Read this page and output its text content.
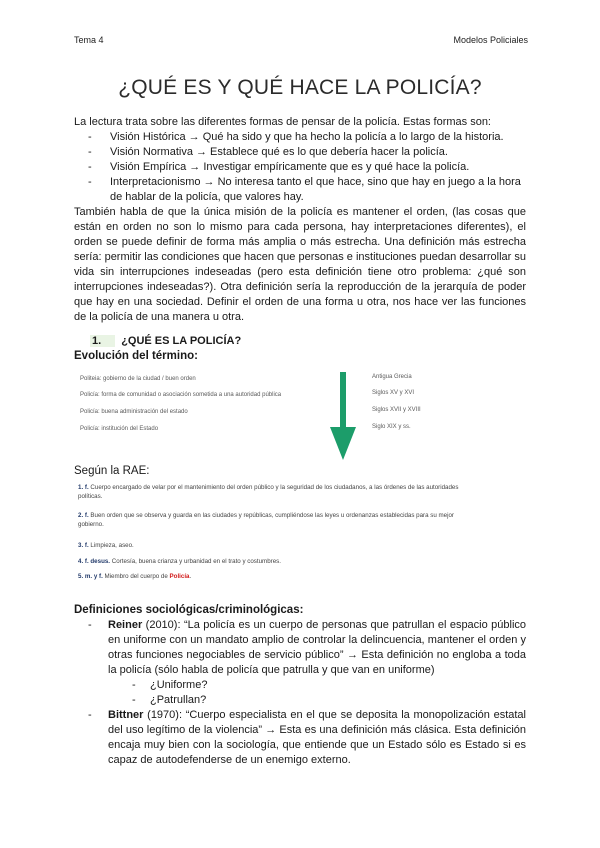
Tema 4	Modelos Policiales
¿QUÉ ES Y QUÉ HACE LA POLICÍA?
La lectura trata sobre las diferentes formas de pensar de la policía. Estas formas son:
- Visión Histórica → Qué ha sido y que ha hecho la policía a lo largo de la historia.
- Visión Normativa → Establece qué es lo que debería hacer la policía.
- Visión Empírica → Investigar empíricamente que es y qué hace la policía.
- Interpretacionismo → No interesa tanto el que hace, sino que hay en juego a la hora de hablar de la policía, que valores hay.
También habla de que la única misión de la policía es mantener el orden, (las cosas que están en orden no son lo mismo para cada persona, hay interpretaciones diferentes), el orden se puede definir de forma más amplia o más estrecha. Una definición más estrecha sería: permitir las condiciones que hacen que personas e instituciones puedan desarrollar su vida sin interrupciones indeseadas (pero esta definición tiene otro problema: ¿qué son interrupciones indeseadas?). Otra definición sería la reproducción de la jerarquía de poder que hay en una sociedad. Definir el orden de una forma u otra, nos hace ver las funciones de la policía de una manera u otra.
1. ¿QUÉ ES LA POLICÍA?
Evolución del término:
Politeia: gobierno de la ciudad / buen orden
Policía: forma de comunidad o asociación sometida a una autoridad pública
Policía: buena administración del estado
Policía: institución del Estado
Antigua Grecia
Siglos XV y XVI
Siglos XVII y XVIII
Siglo XIX y ss.
Según la RAE:
1. f. Cuerpo encargado de velar por el mantenimiento del orden público y la seguridad de los ciudadanos, a las órdenes de las autoridades políticas.
2. f. Buen orden que se observa y guarda en las ciudades y repúblicas, cumpliéndose las leyes u ordenanzas establecidas para su mejor gobierno.
3. f. Limpieza, aseo.
4. f. desus. Cortesía, buena crianza y urbanidad en el trato y costumbres.
5. m. y f. Miembro del cuerpo de Policía.
Definiciones sociológicas/criminológicas:
- Reiner (2010): “La policía es un cuerpo de personas que patrullan el espacio público en uniforme con un mandato amplio de controlar la delincuencia, mantener el orden y otras funciones negociables de servicio público” → Esta definición no engloba a toda la policía (sólo habla de policía que patrulla y que van en uniforme)
- ¿Uniforme?
- ¿Patrullan?
- Bittner (1970): “Cuerpo especialista en el que se deposita la monopolización estatal del uso legítimo de la violencia” → Esta es una definición más clásica. Esta definición encaja muy bien con la sociología, que entiende que un Estado sólo es Estado si es capaz de autodefenderse de un enemigo externo.
